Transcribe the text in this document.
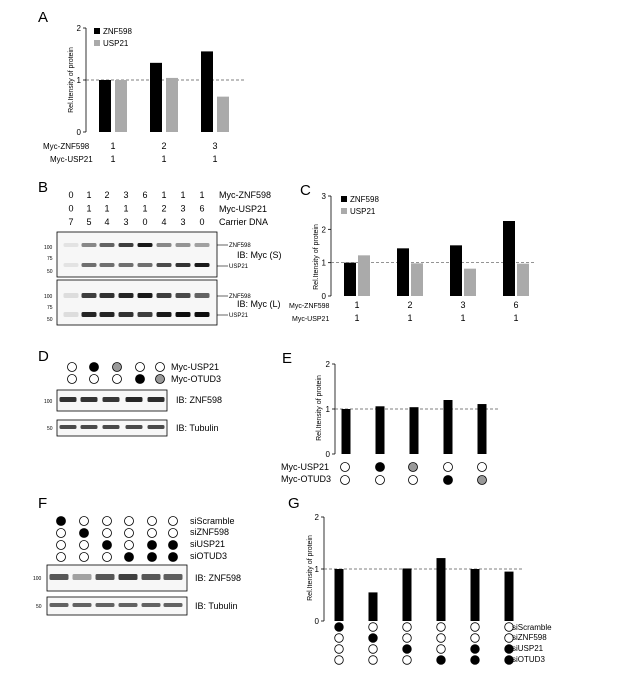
A
Rel.Itensity of protein
0
1
2	ZNF598
USP21
Myc-ZNF598
Myc-USP21
1	2	3
1	1	1
B 0 1 2 3 6 1 1 1
0 1 1 1 1 2 3 6
7 5 4 3 0 4 3 0
Myc-ZNF598
Myc-USP21
Carrier DNA
100
75
50
100
75
50
ZNF598
IB: Myc (S)
USP21
ZNF598
IB: Myc (L)
USP21
C
Rel.Itensity of protein
0
1
2
3	ZNF598
USP21
Myc-ZNF598
Myc-USP21
1	2	3	6
1	1	1	1
D
Myc-USP21
Myc-OTUD3
100
50
IB: ZNF598
IB: Tubulin
E
Rel.Itensity of protein
0
1
2
Myc-USP21
Myc-OTUD3
F
siScramble
siZNF598
siUSP21
siOTUD3
100
50
IB: ZNF598
IB: Tubulin
G
Rel.Itensity of protein
0
1
2
siScramble
siZNF598
siUSP21
siOTUD3
